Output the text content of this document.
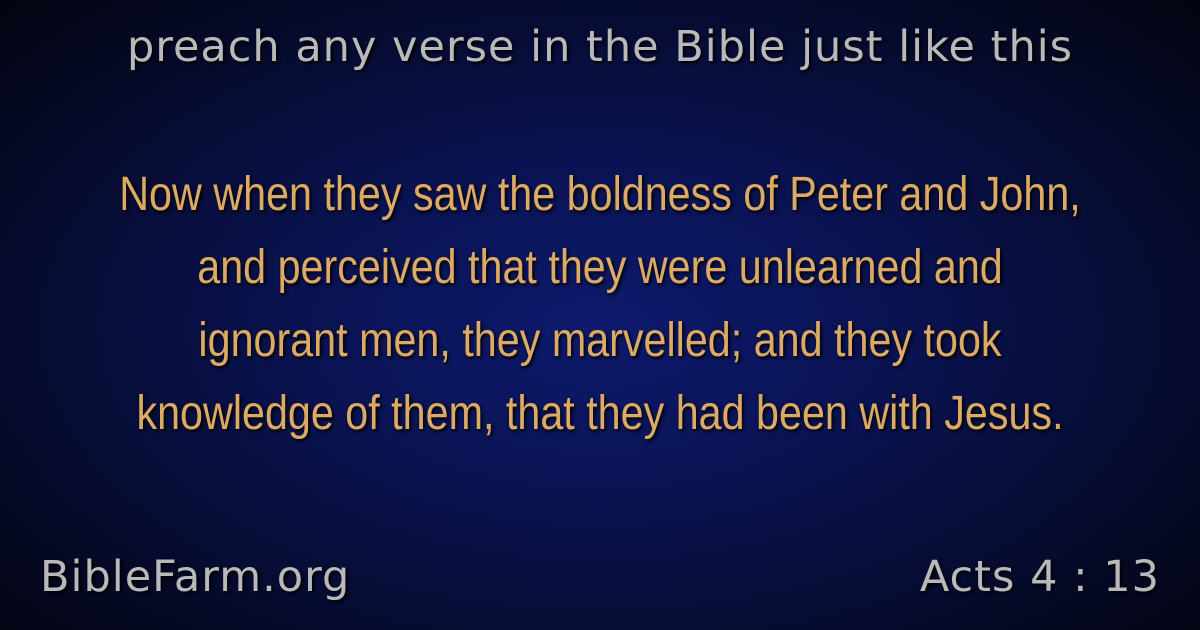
preach any verse in the Bible just like this
Now when they saw the boldness of Peter and John, and perceived that they were unlearned and ignorant men, they marvelled; and they took knowledge of them, that they had been with Jesus.
BibleFarm.org	Acts 4 : 13
